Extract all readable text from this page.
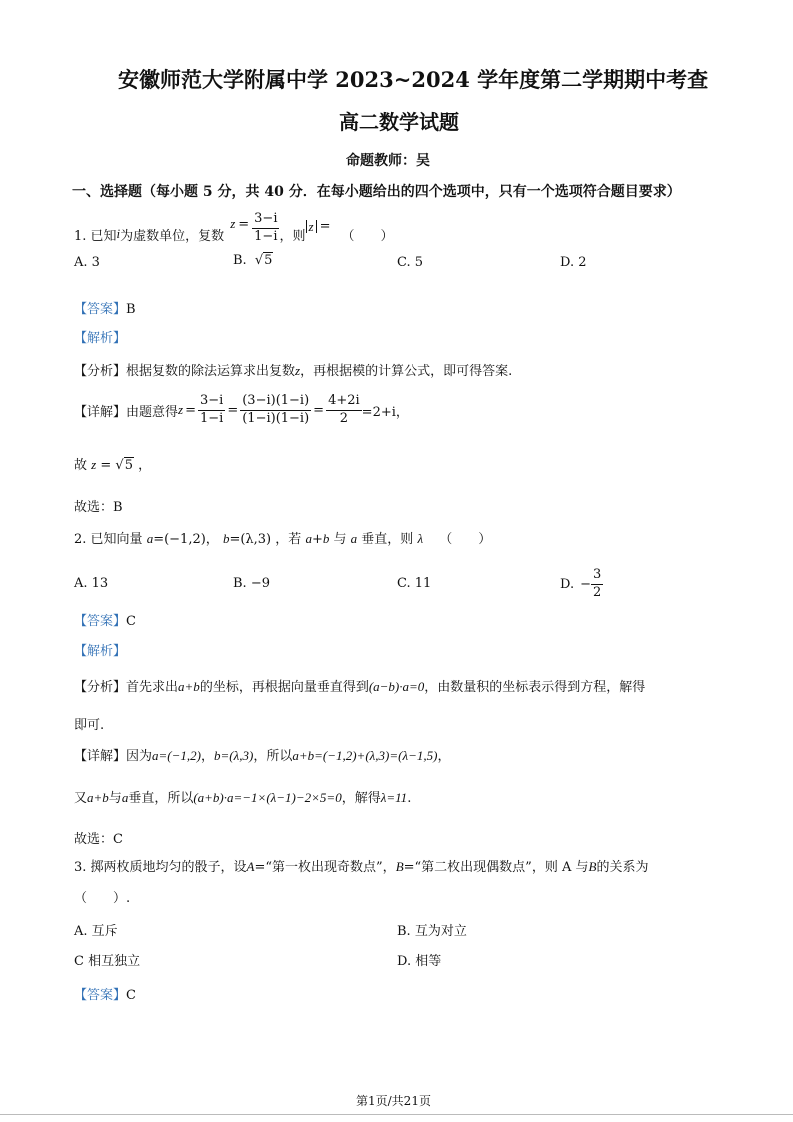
安徽师范大学附属中学 2023~2024 学年度第二学期期中考查
高二数学试题
命题教师：吴
一、选择题（每小题 5 分，共 40 分．在每小题给出的四个选项中，只有一个选项符合题目要求）
1. 已知 i 为虚数单位，复数
$z = \frac{3-i}{1-i}$ ，则
z =
（　　）
A. 3	B. √5	C. 5	D. 2
【答案】B
【解析】
【分析】根据复数的除法运算求出复数z，再根据模的计算公式，即可得答案.
【详解】 由题意得 $z = \frac{3-i}{1-i} = \frac{(3-i)(1-i)}{(1-i)(1-i)} = \frac{4+2i}{2} =2+i$，
故 z = √5 ，
故选：B
2. 已知向量 a=(−1,2)， b=(λ,3) ，若 a+b 与 a 垂直，则 λ （　　）
A. 13	B. −9	C. 11	D. − $\frac{3}{2}$
【答案】C
【解析】
【分析】首先求出a+b的坐标，再根据向量垂直得到(a−b)·a=0，由数量积的坐标表示得到方程，解得
即可.
【详解】因为a=(−1,2)，b=(λ,3)，所以a+b=(−1,2)+(λ,3)=(λ−1,5)，
又a+b与a垂直，所以(a+b)·a=−1×(λ−1)−2×5=0，解得λ=11.
故选：C
3. 掷两枚质地均匀的骰子，设A=“第一枚出现奇数点”，B=“第二枚出现偶数点”，则 A 与B的关系为
（　　）.
A. 互斥	B. 互为对立
C 相互独立	D. 相等
【答案】C
第1页/共21页
